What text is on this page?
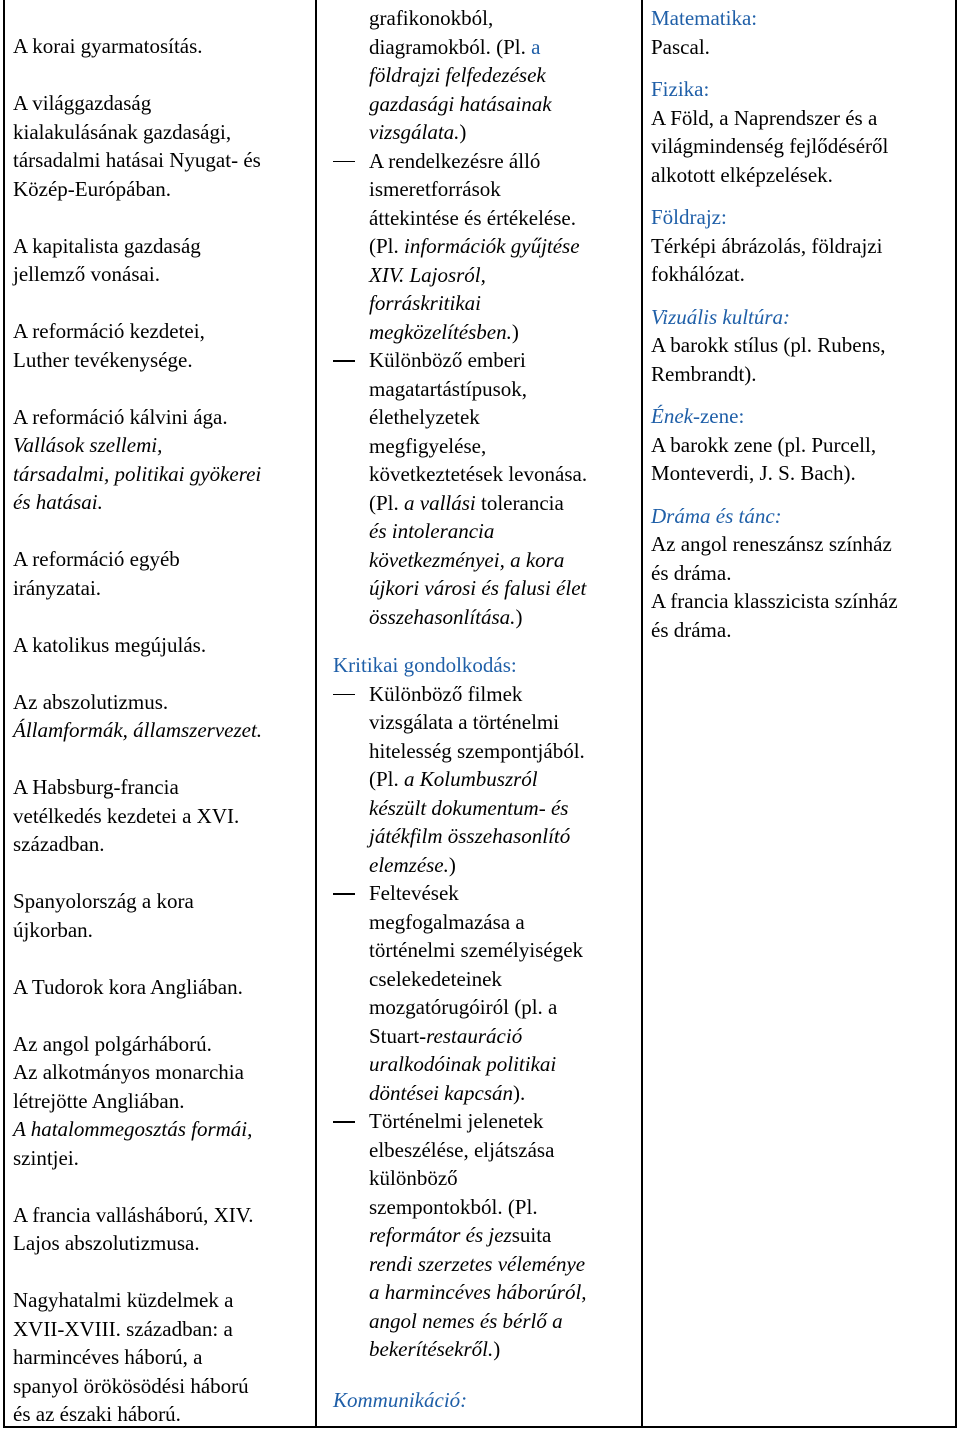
A korai gyarmatosítás.
A világgazdaság
kialakulásának gazdasági,
társadalmi hatásai Nyugat- és
Közép-Európában.
A kapitalista gazdaság
jellemző vonásai.
A reformáció kezdetei,
Luther tevékenysége.
A reformáció kálvini ága.
Vallások szellemi,
társadalmi, politikai gyökerei
és hatásai.
A reformáció egyéb
irányzatai.
A katolikus megújulás.
Az abszolutizmus.
Államformák, államszervezet.
A Habsburg-francia
vetélkedés kezdetei a XVI.
században.
Spanyolország a kora
újkorban.
A Tudorok kora Angliában.
Az angol polgárháború.
Az alkotmányos monarchia
létrejötte Angliában.
A hatalommegosztás formái,
szintjei.
A francia vallásháború, XIV.
Lajos abszolutizmusa.
Nagyhatalmi küzdelmek a
XVII-XVIII. században: a
harmincéves háború, a
spanyol örökösödési háború
és az északi háború.
grafikonokból,
diagramokból. (Pl. a
földrajzi felfedezések
gazdasági hatásainak
vizsgálata.)
A rendelkezésre álló
ismeretforrások
áttekintése és értékelése.
(Pl. információk gyűjtése
XIV. Lajosról,
forráskritikai
megközelítésben.)
Különböző emberi
magatartástípusok,
élethelyzetek
megfigyelése,
következtetések levonása.
(Pl. a vallási tolerancia
és intolerancia
következményei, a kora
újkori városi és falusi élet
összehasonlítása.)
Kritikai gondolkodás:
Különböző filmek
vizsgálata a történelmi
hitelesség szempontjából.
(Pl. a Kolumbuszról
készült dokumentum- és
játékfilm összehasonlító
elemzése.)
Feltevések
megfogalmazása a
történelmi személyiségek
cselekedeteinek
mozgatórugóiról (pl. a
Stuart-restauráció
uralkodóinak politikai
döntései kapcsán).
Történelmi jelenetek
elbeszélése, eljátszása
különböző
szempontokból. (Pl.
reformátor és jezsuita
rendi szerzetes véleménye
a harmincéves háborúról,
angol nemes és bérlő a
bekerítésekről.)
Kommunikáció:
Matematika:
Pascal.
Fizika:
A Föld, a Naprendszer és a
világmindenség fejlődéséről
alkotott elképzelések.
Földrajz:
Térképi ábrázolás, földrajzi
fokhálózat.
Vizuális kultúra:
A barokk stílus (pl. Rubens,
Rembrandt).
Ének-zene:
A barokk zene (pl. Purcell,
Monteverdi, J. S. Bach).
Dráma és tánc:
Az angol reneszánsz színház
és dráma.
A francia klasszicista színház
és dráma.
